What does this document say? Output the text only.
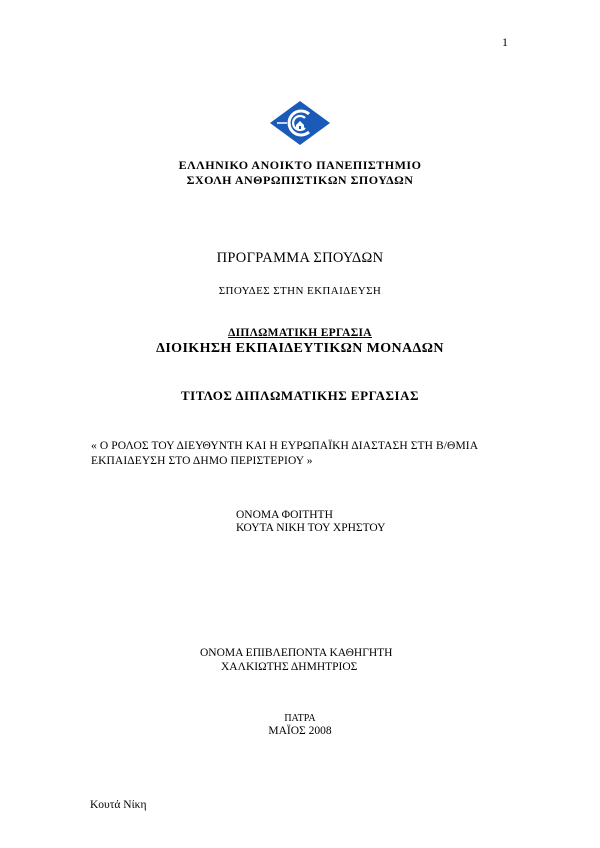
1
ΕΛΛΗΝΙΚΟ ΑΝΟΙΚΤΟ ΠΑΝΕΠΙΣΤΗΜΙΟ
ΣΧΟΛΗ ΑΝΘΡΩΠΙΣΤΙΚΩΝ ΣΠΟΥΔΩΝ
ΠΡΟΓΡΑΜΜΑ ΣΠΟΥΔΩΝ
ΣΠΟΥΔΕΣ ΣΤΗΝ ΕΚΠΑΙΔΕΥΣΗ
ΔΙΠΛΩΜΑΤΙΚΗ ΕΡΓΑΣΙΑ
ΔΙΟΙΚΗΣΗ ΕΚΠΑΙΔΕΥΤΙΚΩΝ ΜΟΝΑΔΩΝ
ΤΙΤΛΟΣ ΔΙΠΛΩΜΑΤΙΚΗΣ ΕΡΓΑΣΙΑΣ
« Ο ΡΟΛΟΣ ΤΟΥ ΔΙΕΥΘΥΝΤΗ ΚΑΙ Η ΕΥΡΩΠΑΪΚΗ ΔΙΑΣΤΑΣΗ ΣΤΗ Β/ΘΜΙΑ ΕΚΠΑΙΔΕΥΣΗ ΣΤΟ ΔΗΜΟ ΠΕΡΙΣΤΕΡΙΟΥ »
ΟΝΟΜΑ ΦΟΙΤΗΤΗ
ΚΟΥΤΑ ΝΙΚΗ ΤΟΥ ΧΡΗΣΤΟΥ
ΟΝΟΜΑ ΕΠΙΒΛΕΠΟΝΤΑ ΚΑΘΗΓΗΤΗ
ΧΑΛΚΙΩΤΗΣ ΔΗΜΗΤΡΙΟΣ
ΠΑΤΡΑ
ΜΑΪΟΣ 2008
Κουτά Νίκη
